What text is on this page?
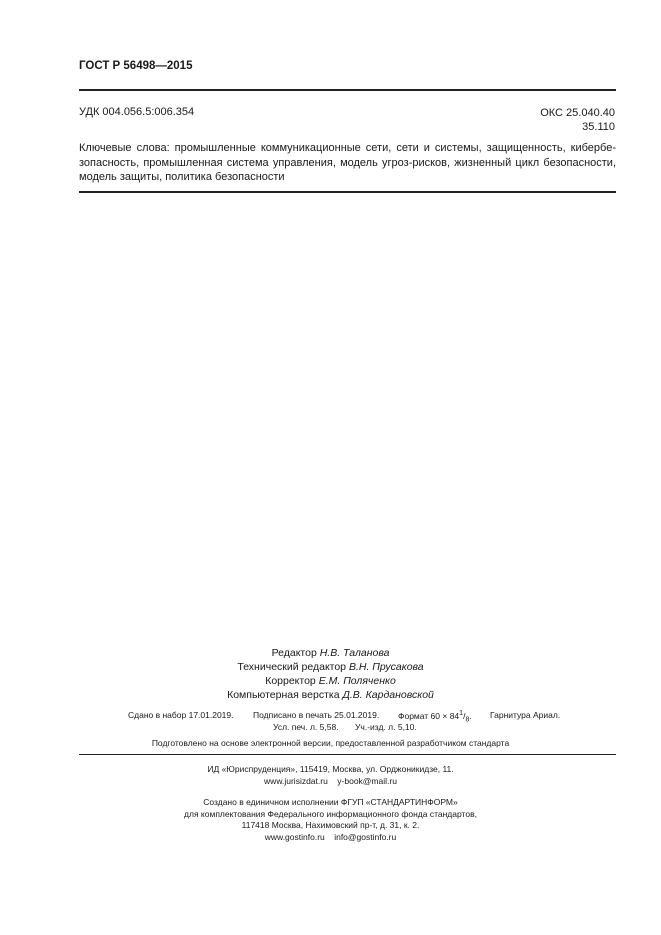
ГОСТ Р 56498—2015
УДК 004.056.5:006.354	ОКС 25.040.40
35.110
Ключевые слова: промышленные коммуникационные сети, сети и системы, защищенность, кибербе-зопасность, промышленная система управления, модель угроз-рисков, жизненный цикл безопасности, модель защиты, политика безопасности
Редактор Н.В. Таланова
Технический редактор В.Н. Прусакова
Корректор Е.М. Поляченко
Компьютерная верстка Д.В. Кардановской
Сдано в набор 17.01.2019. Подписано в печать 25.01.2019. Формат $60 \times 84^1/_8$. Гарнитура Ариал.
Усл. печ. л. 5,58. Уч.-изд. л. 5,10.
Подготовлено на основе электронной версии, предоставленной разработчиком стандарта
ИД «Юриспруденция», 115419, Москва, ул. Орджоникидзе, 11.
www.jurisizdat.ru y-book@mail.ru
Создано в единичном исполнении ФГУП «СТАНДАРТИНФОРМ»
для комплектования Федерального информационного фонда стандартов,
117418 Москва, Нахимовский пр-т, д. 31, к. 2.
www.gostinfo.ru info@gostinfo.ru
